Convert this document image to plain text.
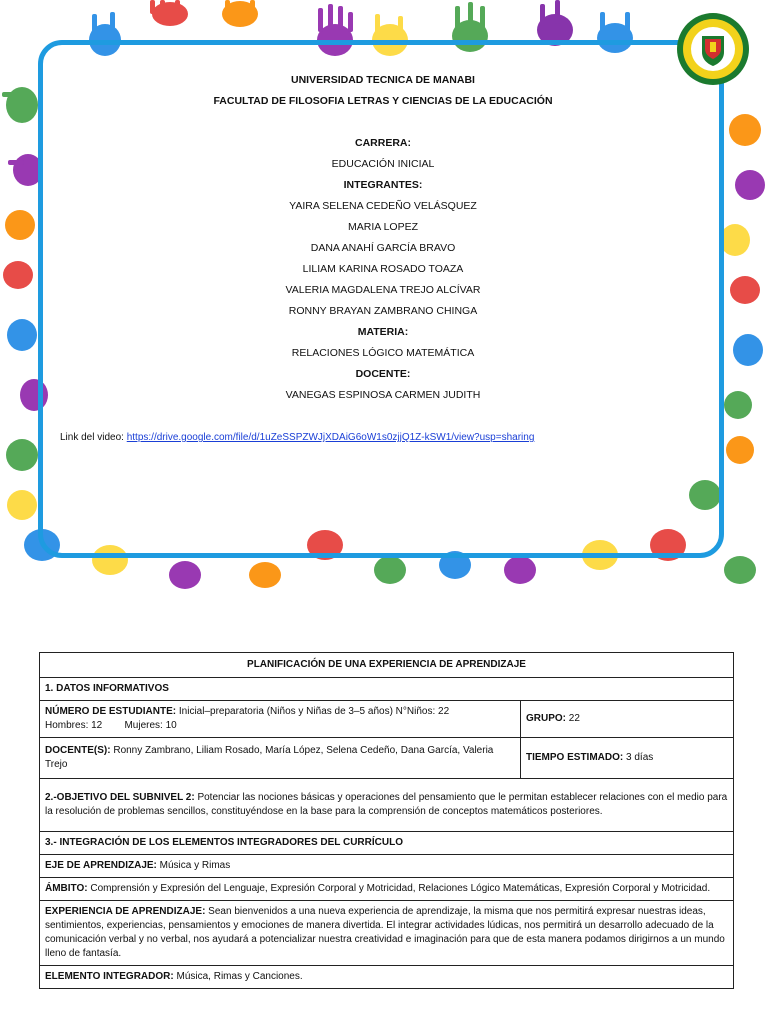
UNIVERSIDAD TECNICA DE MANABI
FACULTAD DE FILOSOFIA LETRAS Y CIENCIAS DE LA EDUCACIÓN
CARRERA:
EDUCACIÓN INICIAL
INTEGRANTES:
YAIRA SELENA CEDEÑO VELÁSQUEZ
MARIA LOPEZ
DANA ANAHÍ GARCÍA BRAVO
LILIAM KARINA ROSADO TOAZA
VALERIA MAGDALENA TREJO ALCÍVAR
RONNY BRAYAN ZAMBRANO CHINGA
MATERIA:
RELACIONES LÓGICO MATEMÁTICA
DOCENTE:
VANEGAS ESPINOSA CARMEN JUDITH
Link del video: https://drive.google.com/file/d/1uZeSSPZWJjXDAiG6oW1s0zjjQ1Z-kSW1/view?usp=sharing
PLANIFICACIÓN DE UNA EXPERIENCIA DE APRENDIZAJE	
1. DATOS INFORMATIVOS	
NÚMERO DE ESTUDIANTE: Inicial–preparatoria (Niños y Niñas de 3–5 años) N°Niños: 22
Hombres: 12        Mujeres: 10	GRUPO: 22
DOCENTE(S): Ronny Zambrano, Liliam Rosado, María López, Selena Cedeño, Dana García, Valeria Trejo	TIEMPO ESTIMADO: 3 días
2.-OBJETIVO DEL SUBNIVEL 2: Potenciar las nociones básicas y operaciones del pensamiento que le permitan establecer relaciones con el medio para la resolución de problemas sencillos, constituyéndose en la base para la comprensión de conceptos matemáticos posteriores.	
3.- INTEGRACIÓN DE LOS ELEMENTOS INTEGRADORES DEL CURRÍCULO	
EJE DE APRENDIZAJE: Música y Rimas	
ÁMBITO: Comprensión y Expresión del Lenguaje, Expresión Corporal y Motricidad, Relaciones Lógico Matemáticas, Expresión Corporal y Motricidad.	
EXPERIENCIA DE APRENDIZAJE: Sean bienvenidos a una nueva experiencia de aprendizaje, la misma que nos permitirá expresar nuestras ideas, sentimientos, experiencias, pensamientos y emociones de manera divertida. El integrar actividades lúdicas, nos permitirá un desarrollo adecuado de la comunicación verbal y no verbal, nos ayudará a potencializar nuestra creatividad e imaginación para que de esta manera podamos dirigirnos a un mundo lleno de fantasía.	
ELEMENTO INTEGRADOR: Música, Rimas y Canciones.	
